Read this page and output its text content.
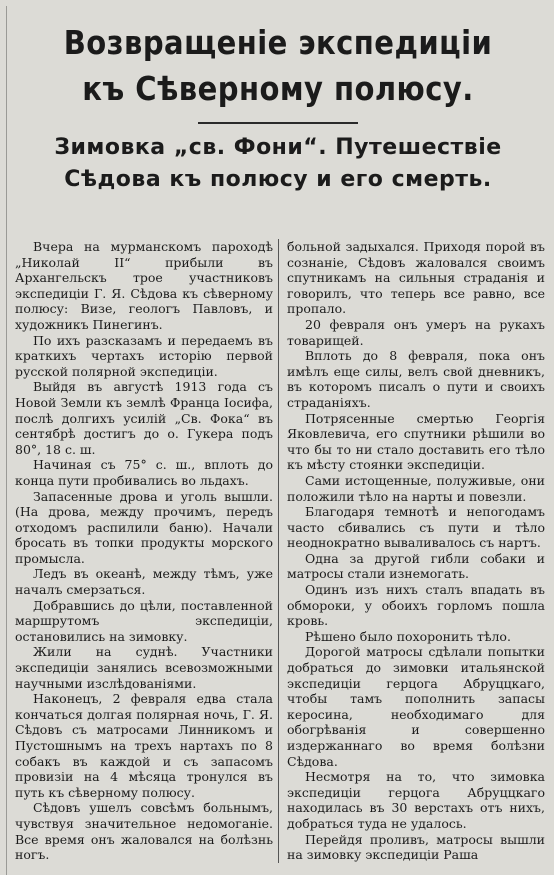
Возвращеніе экспедиціи къ Сѣверному полюсу.
Зимовка „св. Фони“. Путешествіе Сѣдова къ полюсу и его смерть.

Вчера на мурманскомъ пароходѣ „Николай II“ прибыли въ Архангельскъ трое участниковъ экспедиціи Г. Я. Сѣдова къ сѣверному полюсу: Визе, геологъ Павловъ, и художникъ Пинегинъ.

По ихъ разсказамъ и передаемъ въ краткихъ чертахъ исторію первой русской полярной экспедиціи.

Выйдя въ августѣ 1913 года съ Новой Земли къ землѣ Франца Іосифа, послѣ долгихъ усилій „Св. Фока“ въ сентябрѣ достигъ до о. Гукера подъ 80°, 18 с. ш.

Начиная съ 75° с. ш., вплоть до конца пути пробивались во льдахъ.

Запасенные дрова и уголь вышли. (На дрова, между прочимъ, передъ отходомъ распилили баню). Начали бросать въ топки продукты морского промысла.

Ледъ въ океанѣ, между тѣмъ, уже началъ смерзаться.

Добравшись до цѣли, поставленной маршрутомъ экспедиціи, остановились на зимовку.

Жили на суднѣ. Участники экспедиціи занялись всевозможными научными изслѣдованіями.

Наконецъ, 2 февраля едва стала кончаться долгая полярная ночь, Г. Я. Сѣдовъ съ матросами Линникомъ и Пустошнымъ на трехъ нартахъ по 8 собакъ въ каждой и съ запасомъ провизіи на 4 мѣсяца тронулся въ путь къ сѣверному полюсу.

Сѣдовъ ушелъ совсѣмъ больнымъ, чувствуя значительное недомоганіе. Все время онъ жаловался на болѣзнь ногъ.

больной задыхался. Приходя порой въ сознаніе, Сѣдовъ жаловался своимъ спутникамъ на сильныя страданія и говорилъ, что теперь все равно, все пропало.

20 февраля онъ умеръ на рукахъ товарищей.

Вплоть до 8 февраля, пока онъ имѣлъ еще силы, велъ свой дневникъ, въ которомъ писалъ о пути и своихъ страданіяхъ.

Потрясенные смертью Георгія Яковлевича, его спутники рѣшили во что бы то ни стало доставить его тѣло къ мѣсту стоянки экспедиціи.

Сами истощенные, полуживые, они положили тѣло на нарты и повезли.

Благодаря темнотѣ и непогодамъ часто сбивались съ пути и тѣло неоднократно вываливалось съ нартъ.

Одна за другой гибли собаки и матросы стали изнемогать.

Одинъ изъ нихъ сталъ впадать въ обмороки, у обоихъ горломъ пошла кровь.

Рѣшено было похоронить тѣло.

Дорогой матросы сдѣлали попытки добраться до зимовки итальянской экспедиціи герцога Абруццкаго, чтобы тамъ пополнить запасы керосина, необходимаго для обогрѣванія и совершенно издержаннаго во время болѣзни Сѣдова.

Несмотря на то, что зимовка экспедиціи герцога Абруццкаго находилась въ 30 верстахъ отъ нихъ, добраться туда не удалось.

Перейдя проливъ, матросы вышли на зимовку экспедиціи Раша
